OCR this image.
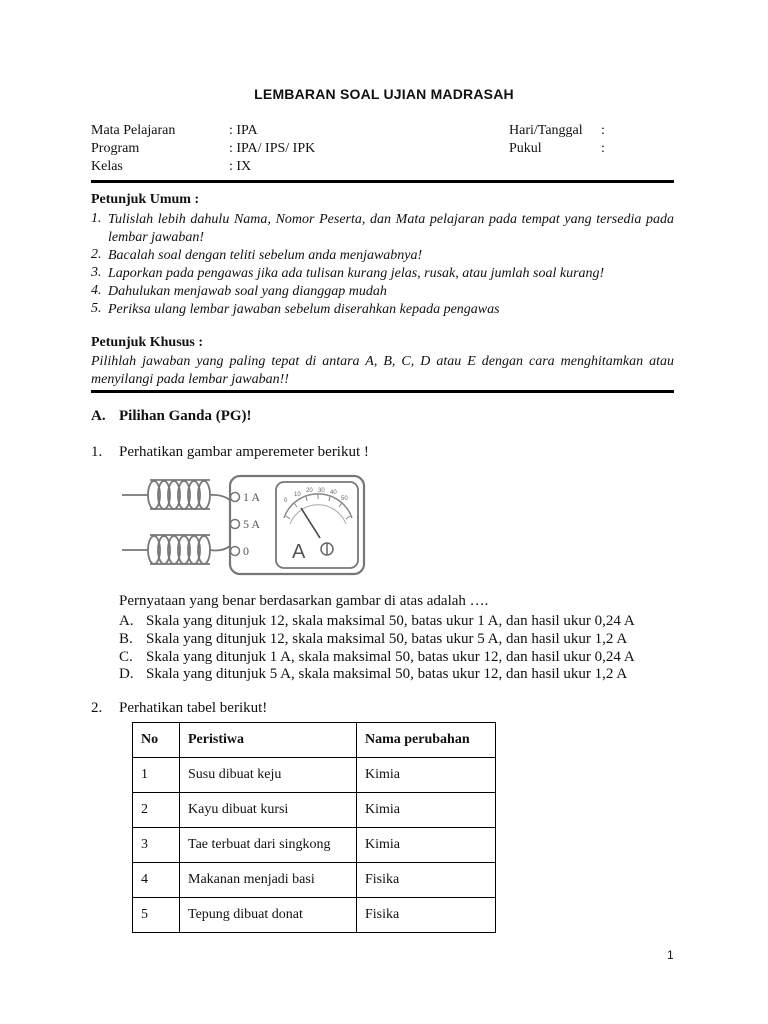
LEMBARAN SOAL UJIAN MADRASAH
Mata Pelajaran	: IPA
Program	: IPA/ IPS/ IPK
Kelas	: IX
Hari/Tanggal :
Pukul	:
Petunjuk Umum :
1. Tulislah lebih dahulu Nama, Nomor Peserta, dan Mata pelajaran pada tempat yang tersedia pada lembar jawaban!
2. Bacalah soal dengan teliti sebelum anda menjawabnya!
3. Laporkan pada pengawas jika ada tulisan kurang jelas, rusak, atau jumlah soal kurang!
4. Dahulukan menjawab soal yang dianggap mudah
5. Periksa ulang lembar jawaban sebelum diserahkan kepada pengawas
Petunjuk Khusus :
Pilihlah jawaban yang paling tepat di antara A, B, C, D atau E dengan cara menghitamkan atau menyilangi pada lembar jawaban!!
A. Pilihan Ganda (PG)!
1. Perhatikan gambar amperemeter berikut !
1 A
5 A
0
0
10
20 30 40
50
A
Pernyataan yang benar berdasarkan gambar di atas adalah ….
A. Skala yang ditunjuk 12, skala maksimal 50, batas ukur 1 A, dan hasil ukur 0,24 A
B. Skala yang ditunjuk 12, skala maksimal 50, batas ukur 5 A, dan hasil ukur 1,2 A
C. Skala yang ditunjuk 1 A, skala maksimal 50, batas ukur 12, dan hasil ukur 0,24 A
D. Skala yang ditunjuk 5 A, skala maksimal 50, batas ukur 12, dan hasil ukur 1,2 A
2. Perhatikan tabel berikut!
No	Peristiwa	Nama perubahan
1	Susu dibuat keju	Kimia
2	Kayu dibuat kursi	Kimia
3	Tae terbuat dari singkong	Kimia
4	Makanan menjadi basi	Fisika
5	Tepung dibuat donat	Fisika
1
